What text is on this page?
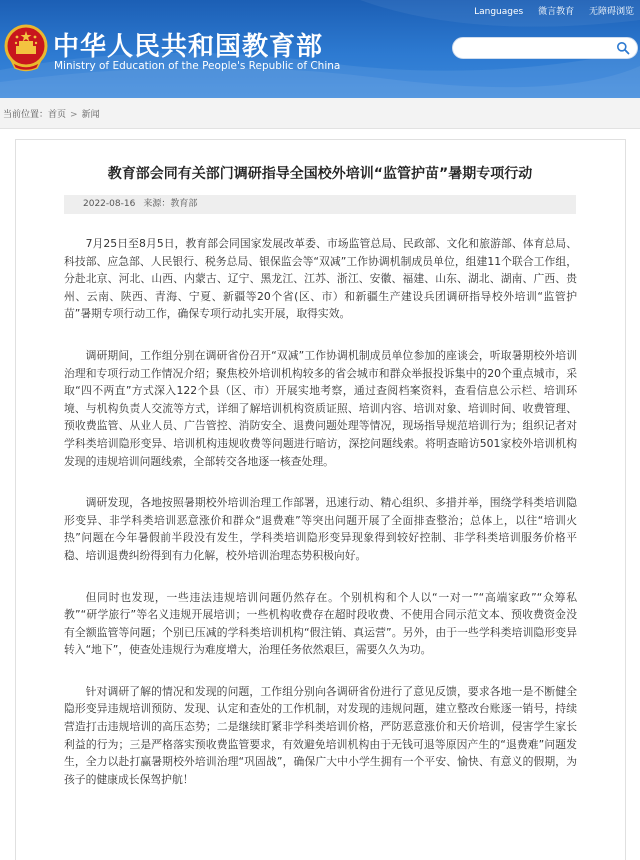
Languages 微言教育 无障碍浏览
中华人民共和国教育部
Ministry of Education of the People's Republic of China
当前位置：首页 > 新闻
教育部会同有关部门调研指导全国校外培训“监管护苗”暑期专项行动
2022-08-16 来源：教育部

7月25日至8月5日，教育部会同国家发展改革委、市场监管总局、民政部、文化和旅游部、体育总局、科技部、应急部、人民银行、税务总局、银保监会等“双减”工作协调机制成员单位，组建11个联合工作组，分赴北京、河北、山西、内蒙古、辽宁、黑龙江、江苏、浙江、安徽、福建、山东、湖北、湖南、广西、贵州、云南、陕西、青海、宁夏、新疆等20个省(区、市）和新疆生产建设兵团调研指导校外培训“监管护苗”暑期专项行动工作，确保专项行动扎实开展，取得实效。

调研期间，工作组分别在调研省份召开“双减”工作协调机制成员单位参加的座谈会，听取暑期校外培训治理和专项行动工作情况介绍；聚焦校外培训机构较多的省会城市和群众举报投诉集中的20个重点城市，采取“四不两直”方式深入122个县（区、市）开展实地考察，通过查阅档案资料，查看信息公示栏、培训环境、与机构负责人交流等方式，详细了解培训机构资质证照、培训内容、培训对象、培训时间、收费管理、预收费监管、从业人员、广告管控、消防安全、退费问题处理等情况，现场指导规范培训行为；组织记者对学科类培训隐形变异、培训机构违规收费等问题进行暗访，深挖问题线索。将明查暗访501家校外培训机构发现的违规培训问题线索，全部转交各地逐一核查处理。

调研发现，各地按照暑期校外培训治理工作部署，迅速行动、精心组织、多措并举，围绕学科类培训隐形变异、非学科类培训恶意涨价和群众“退费难”等突出问题开展了全面排查整治；总体上，以往“培训火热”问题在今年暑假前半段没有发生，学科类培训隐形变异现象得到较好控制、非学科类培训服务价格平稳、培训退费纠纷得到有力化解，校外培训治理态势积极向好。

但同时也发现，一些违法违规培训问题仍然存在。个别机构和个人以“一对一”“高端家政”“众筹私教”“研学旅行”等名义违规开展培训；一些机构收费存在超时段收费、不使用合同示范文本、预收费资金没有全额监管等问题；个别已压减的学科类培训机构“假注销、真运营”。另外，由于一些学科类培训隐形变异转入“地下”，使查处违规行为难度增大，治理任务依然艰巨，需要久久为功。

针对调研了解的情况和发现的问题，工作组分别向各调研省份进行了意见反馈，要求各地一是不断健全隐形变异违规培训预防、发现、认定和查处的工作机制，对发现的违规问题，建立整改台账逐一销号，持续营造打击违规培训的高压态势；二是继续盯紧非学科类培训价格，严防恶意涨价和天价培训，侵害学生家长利益的行为；三是严格落实预收费监管要求，有效避免培训机构由于无钱可退等原因产生的“退费难”问题发生，全力以赴打赢暑期校外培训治理“巩固战”，确保广大中小学生拥有一个平安、愉快、有意义的假期，为孩子的健康成长保驾护航！
